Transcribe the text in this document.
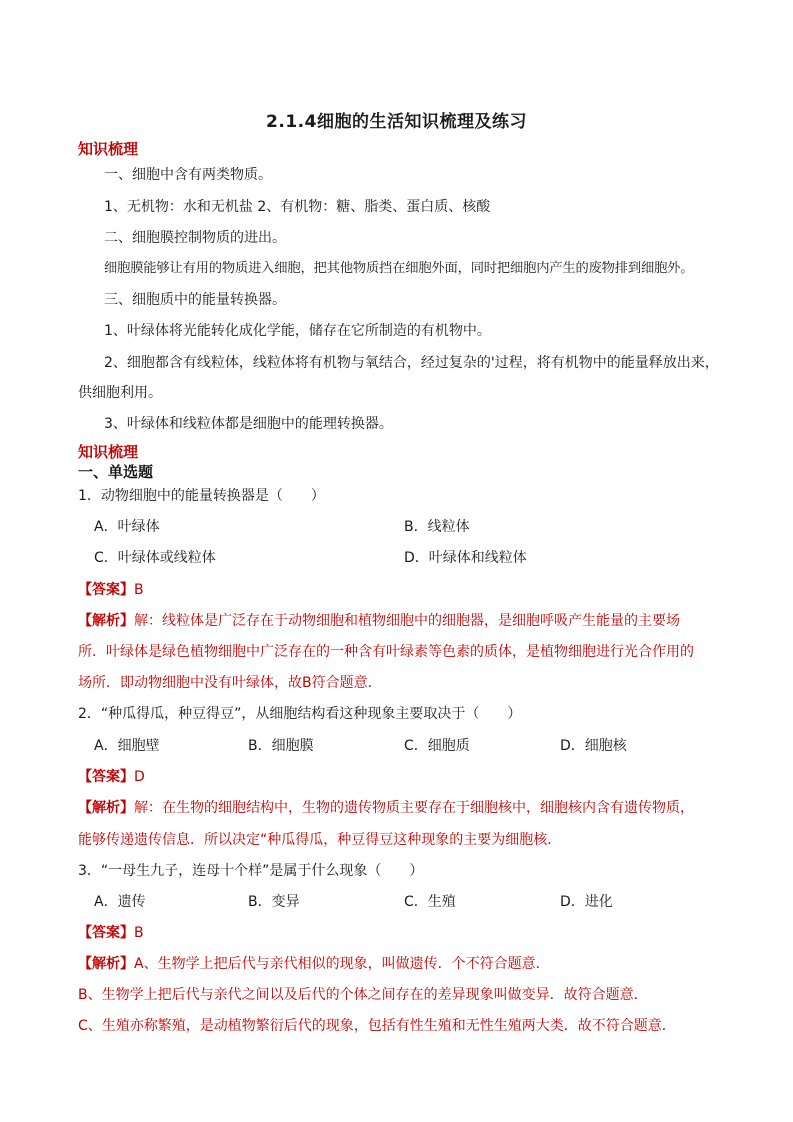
2.1.4细胞的生活知识梳理及练习
知识梳理
一、细胞中含有两类物质。
1、无机物：水和无机盐 2、有机物：糖、脂类、蛋白质、核酸
二、细胞膜控制物质的进出。
细胞膜能够让有用的物质进入细胞，把其他物质挡在细胞外面，同时把细胞内产生的废物排到细胞外。
三、细胞质中的能量转换器。
1、叶绿体将光能转化成化学能，储存在它所制造的有机物中。
2、细胞都含有线粒体，线粒体将有机物与氧结合，经过复杂的'过程，将有机物中的能量释放出来，
供细胞利用。
3、叶绿体和线粒体都是细胞中的能理转换器。
知识梳理
一、单选题
1．动物细胞中的能量转换器是（　　）
A．叶绿体	B．线粒体
C．叶绿体或线粒体	D．叶绿体和线粒体
【答案】B
【解析】解：线粒体是广泛存在于动物细胞和植物细胞中的细胞器，是细胞呼吸产生能量的主要场
所．叶绿体是绿色植物细胞中广泛存在的一种含有叶绿素等色素的质体，是植物细胞进行光合作用的
场所．即动物细胞中没有叶绿体，故B符合题意．
2．“种瓜得瓜，种豆得豆”，从细胞结构看这种现象主要取决于（　　）
A．细胞壁	B．细胞膜	C．细胞质	D．细胞核
【答案】D
【解析】解：在生物的细胞结构中，生物的遗传物质主要存在于细胞核中，细胞核内含有遗传物质，
能够传递遗传信息．所以决定“种瓜得瓜，种豆得豆这种现象的主要为细胞核．
3．“一母生九子，连母十个样”是属于什么现象（　　）
A．遗传	B．变异	C．生殖	D．进化
【答案】B
【解析】A、生物学上把后代与亲代相似的现象，叫做遗传．个不符合题意．
B、生物学上把后代与亲代之间以及后代的个体之间存在的差异现象叫做变异．故符合题意．
C、生殖亦称繁殖，是动植物繁衍后代的现象，包括有性生殖和无性生殖两大类．故不符合题意．
